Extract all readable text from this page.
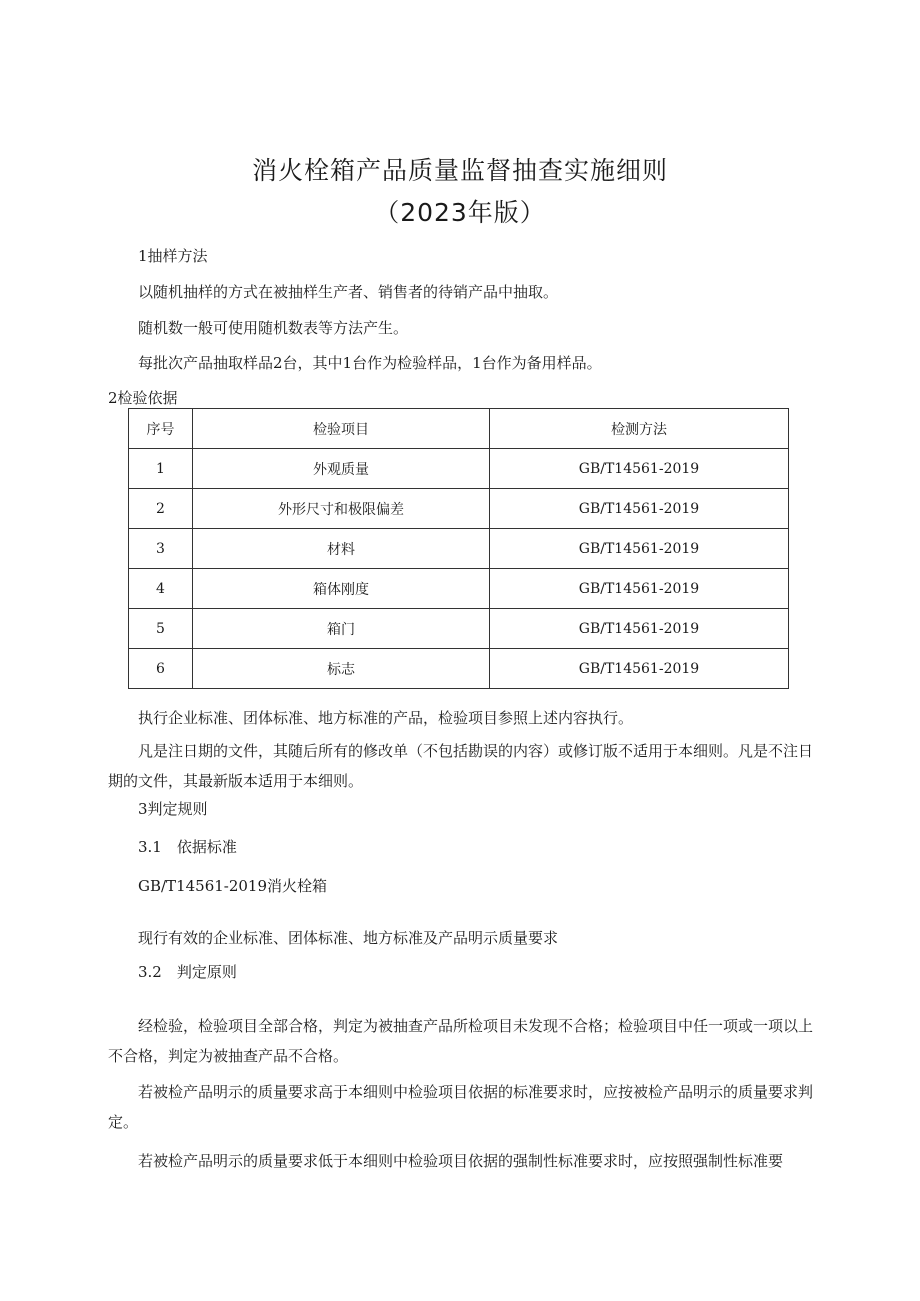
消火栓箱产品质量监督抽查实施细则
（2023年版）
1抽样方法
以随机抽样的方式在被抽样生产者、销售者的待销产品中抽取。
随机数一般可使用随机数表等方法产生。
每批次产品抽取样品2台，其中1台作为检验样品，1台作为备用样品。
2检验依据
序号	检验项目	检测方法
1	外观质量	GB/T14561-2019
2	外形尺寸和极限偏差	GB/T14561-2019
3	材料	GB/T14561-2019
4	箱体刚度	GB/T14561-2019
5	箱门	GB/T14561-2019
6	标志	GB/T14561-2019
执行企业标准、团体标准、地方标准的产品，检验项目参照上述内容执行。
凡是注日期的文件，其随后所有的修改单（不包括勘误的内容）或修订版不适用于本细则。凡是不注日期的文件，其最新版本适用于本细则。
3判定规则
3.1　依据标准
GB/T14561-2019消火栓箱
现行有效的企业标准、团体标准、地方标准及产品明示质量要求
3.2　判定原则
经检验，检验项目全部合格，判定为被抽查产品所检项目未发现不合格；检验项目中任一项或一项以上不合格，判定为被抽查产品不合格。
若被检产品明示的质量要求高于本细则中检验项目依据的标准要求时，应按被检产品明示的质量要求判定。
若被检产品明示的质量要求低于本细则中检验项目依据的强制性标准要求时，应按照强制性标准要
